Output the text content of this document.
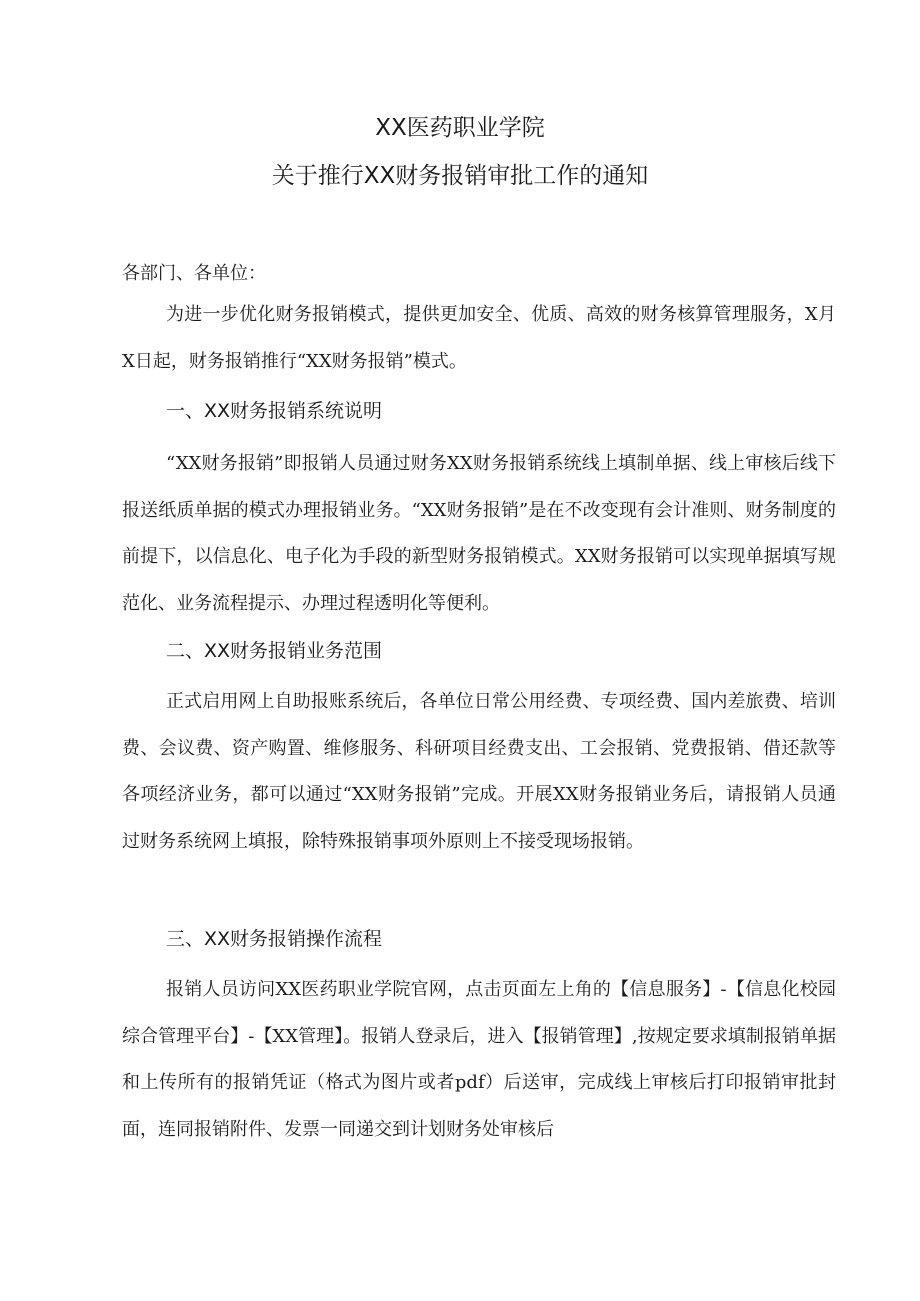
XX医药职业学院
关于推行XX财务报销审批工作的通知

各部门、各单位：

为进一步优化财务报销模式，提供更加安全、优质、高效的财务核算管理服务，X月X日起，财务报销推行“XX财务报销”模式。

一、XX财务报销系统说明

“XX财务报销”即报销人员通过财务XX财务报销系统线上填制单据、线上审核后线下报送纸质单据的模式办理报销业务。“XX财务报销”是在不改变现有会计准则、财务制度的前提下，以信息化、电子化为手段的新型财务报销模式。XX财务报销可以实现单据填写规范化、业务流程提示、办理过程透明化等便利。

二、XX财务报销业务范围

正式启用网上自助报账系统后，各单位日常公用经费、专项经费、国内差旅费、培训费、会议费、资产购置、维修服务、科研项目经费支出、工会报销、党费报销、借还款等各项经济业务，都可以通过“XX财务报销”完成。开展XX财务报销业务后，请报销人员通过财务系统网上填报，除特殊报销事项外原则上不接受现场报销。

三、XX财务报销操作流程

报销人员访问XX医药职业学院官网，点击页面左上角的【信息服务】-【信息化校园综合管理平台】-【XX管理】。报销人登录后，进入【报销管理】,按规定要求填制报销单据和上传所有的报销凭证（格式为图片或者pdf）后送审，完成线上审核后打印报销审批封面，连同报销附件、发票一同递交到计划财务处审核后
